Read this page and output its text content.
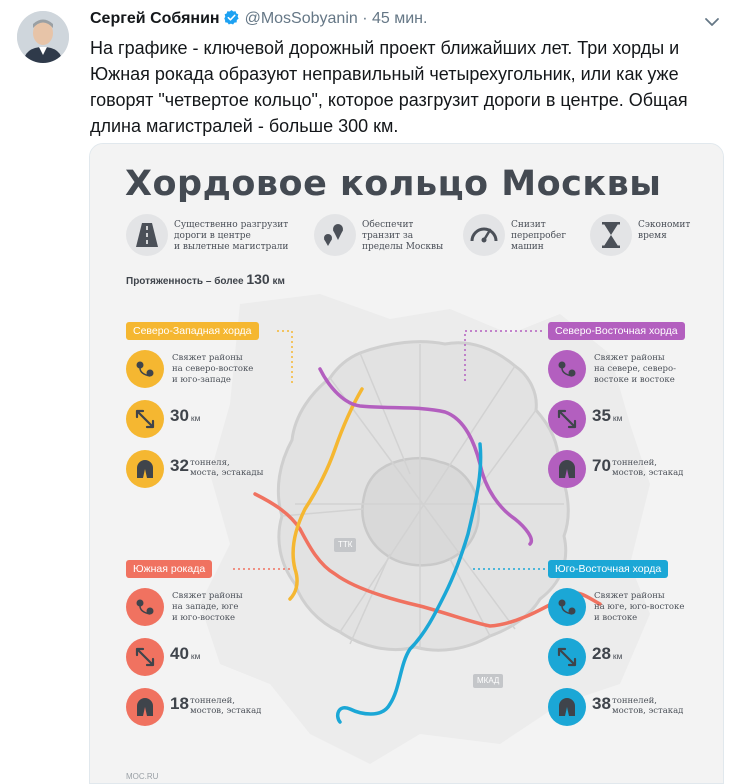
Сергей Собянин @MosSobyanin · 45 мин.
На графике - ключевой дорожный проект ближайших лет. Три хорды и Южная рокада образуют неправильный четырехугольник, или как уже говорят "четвертое кольцо", которое разгрузит дороги в центре. Общая длина магистралей - больше 300 км.
Хордовое кольцо Москвы
Существенно разгрузит
дороги в центре
и вылетные магистрали
Обеспечит
транзит за
пределы Москвы
Снизит
перепробег
машин
Сэкономит
время
Протяженность – более 130 км
Северо-Западная хорда
Свяжет районы
на северо-востоке
и юго-западе
30 км
32 тоннеля,
моста, эстакады
Северо-Восточная хорда
Свяжет районы
на севере, северо-
востоке и востоке
35 км
70 тоннелей,
мостов, эстакад
Южная рокада
Свяжет районы
на западе, юге
и юго-востоке
40 км
18 тоннелей,
мостов, эстакад
Юго-Восточная хорда
Свяжет районы
на юге, юго-востоке
и востоке
28 км
38 тоннелей,
мостов, эстакад
ТТК
МКАД
МОС.RU
